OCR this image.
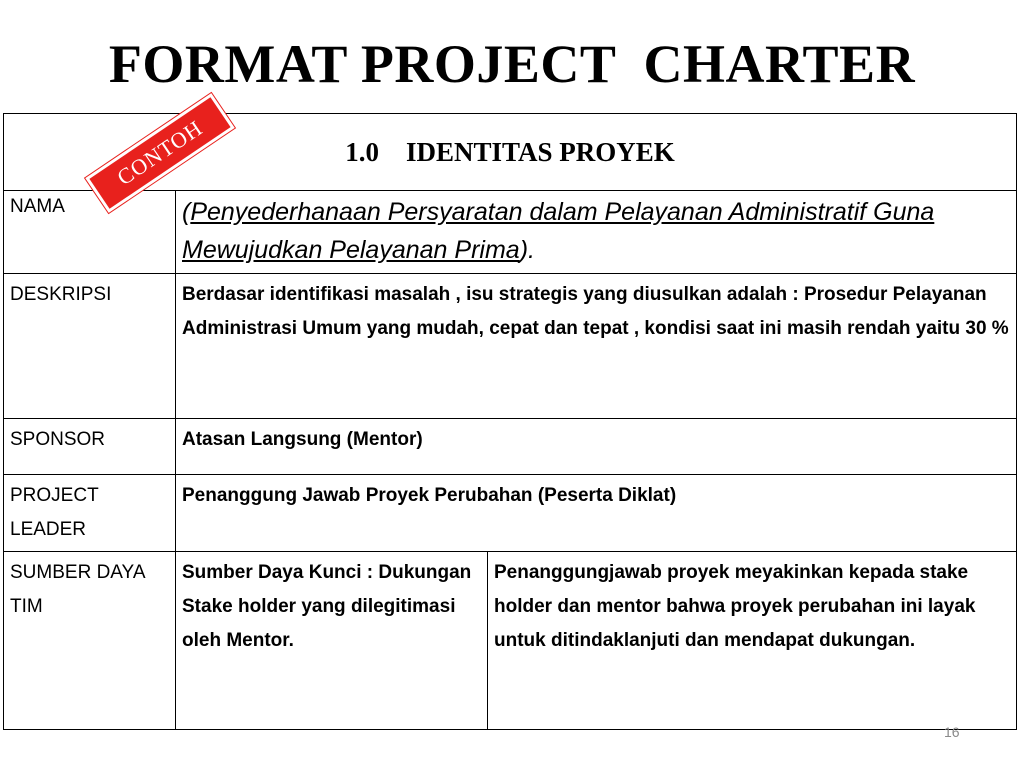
FORMAT PROJECT  CHARTER
1.0    IDENTITAS PROYEK		
NAMA	(Penyederhanaan Persyaratan dalam Pelayanan Administratif Guna Mewujudkan Pelayanan Prima).	
DESKRIPSI	Berdasar identifikasi masalah , isu strategis yang diusulkan adalah : Prosedur Pelayanan Administrasi Umum yang mudah, cepat dan tepat , kondisi saat ini masih rendah yaitu 30 %	
SPONSOR	Atasan Langsung (Mentor)	
PROJECT LEADER	Penanggung Jawab Proyek Perubahan (Peserta Diklat)	
SUMBER DAYA TIM	Sumber Daya Kunci : Dukungan Stake holder yang dilegitimasi oleh Mentor.	Penanggungjawab proyek meyakinkan kepada stake holder dan mentor bahwa proyek perubahan ini layak untuk ditindaklanjuti dan mendapat dukungan.
CONTOH
16
